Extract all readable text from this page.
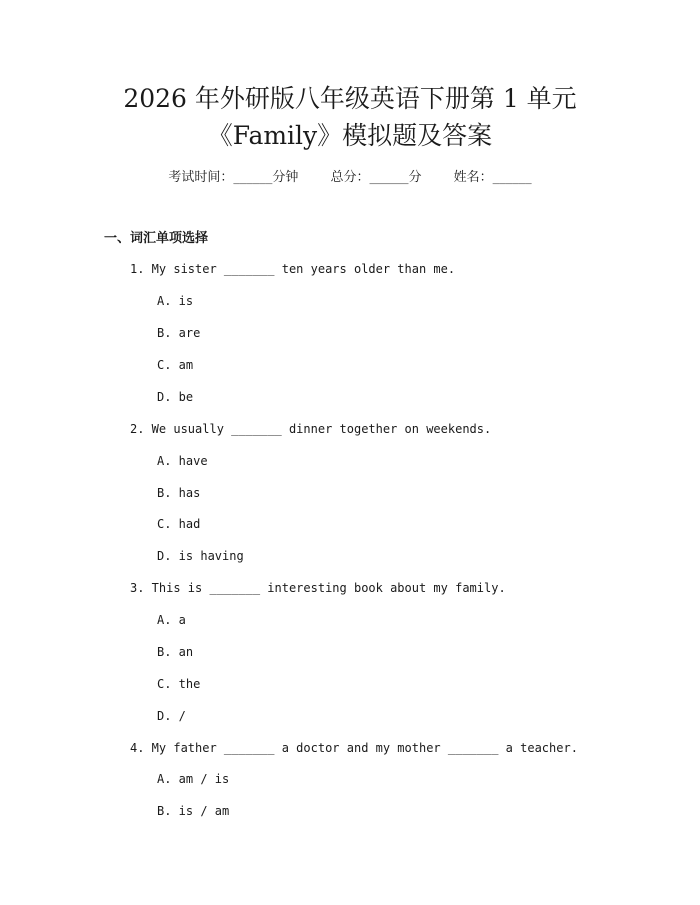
2026 年外研版八年级英语下册第 1 单元
《Family》模拟题及答案
考试时间：______分钟 总分：______分 姓名：______
一、词汇单项选择
1. My sister _______ ten years older than me.
A. is
B. are
C. am
D. be
2. We usually _______ dinner together on weekends.
A. have
B. has
C. had
D. is having
3. This is _______ interesting book about my family.
A. a
B. an
C. the
D. /
4. My father _______ a doctor and my mother _______ a teacher.
A. am / is
B. is / am
